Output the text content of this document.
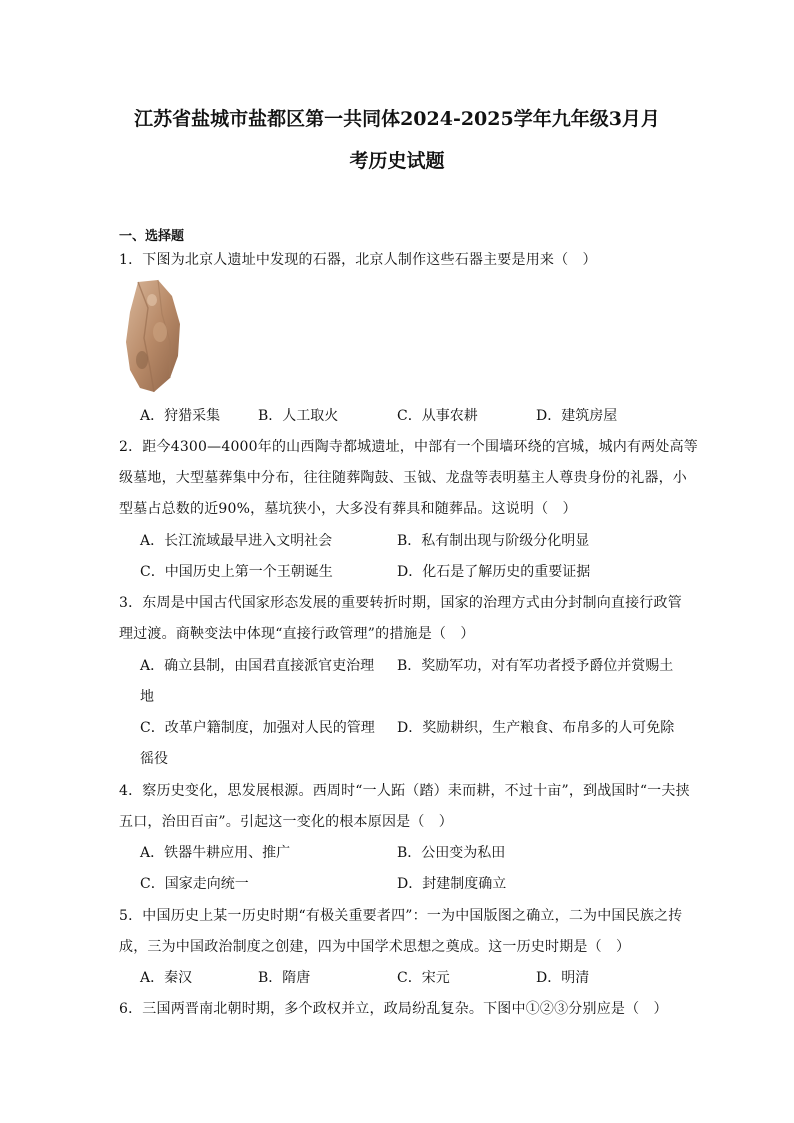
江苏省盐城市盐都区第一共同体2024-2025学年九年级3月月
考历史试题
一、选择题
1．下图为北京人遗址中发现的石器，北京人制作这些石器主要是用来（　）
A．狩猎采集	B．人工取火	C．从事农耕	D．建筑房屋
2．距今4300—4000年的山西陶寺都城遗址，中部有一个围墙环绕的宫城，城内有两处高等
级墓地，大型墓葬集中分布，往往随葬陶鼓、玉钺、龙盘等表明墓主人尊贵身份的礼器，小
型墓占总数的近90%，墓坑狭小，大多没有葬具和随葬品。这说明（　）
A．长江流域最早进入文明社会	B．私有制出现与阶级分化明显
C．中国历史上第一个王朝诞生	D．化石是了解历史的重要证据
3．东周是中国古代国家形态发展的重要转折时期，国家的治理方式由分封制向直接行政管
理过渡。商鞅变法中体现“直接行政管理”的措施是（　）
A．确立县制，由国君直接派官吏治理 B．奖励军功，对有军功者授予爵位并赏赐土
地
C．改革户籍制度，加强对人民的管理 D．奖励耕织，生产粮食、布帛多的人可免除
徭役
4．察历史变化，思发展根源。西周时“一人跖（踏）耒而耕，不过十亩”，到战国时“一夫挟
五口，治田百亩”。引起这一变化的根本原因是（　）
A．铁器牛耕应用、推广	B．公田变为私田
C．国家走向统一	D．封建制度确立
5．中国历史上某一历史时期“有极关重要者四”：一为中国版图之确立，二为中国民族之抟
成，三为中国政治制度之创建，四为中国学术思想之奠成。这一历史时期是（　）
A．秦汉	B．隋唐	C．宋元	D．明清
6．三国两晋南北朝时期，多个政权并立，政局纷乱复杂。下图中①②③分别应是（　）
